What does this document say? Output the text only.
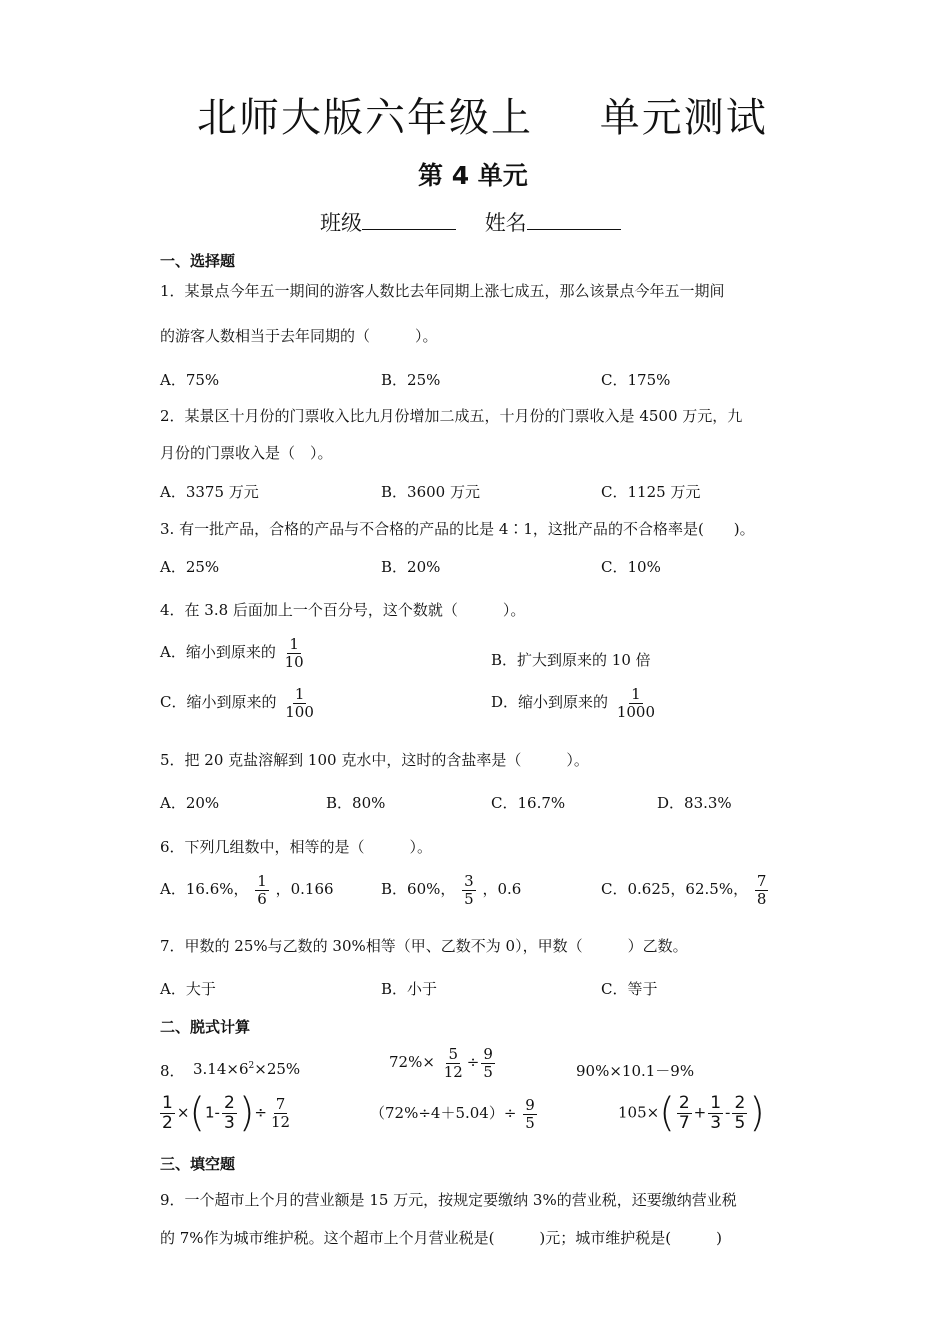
北师大版六年级上 单元测试
第 4 单元
班级	姓名
一、选择题
1．某景点今年五一期间的游客人数比去年同期上涨七成五，那么该景点今年五一期间
的游客人数相当于去年同期的（　　　）。
A．75%	B．25%	C．175%
2．某景区十月份的门票收入比九月份增加二成五，十月份的门票收入是 4500 万元，九
月份的门票收入是（　）。
A．3375 万元	B．3600 万元	C．1125 万元
3. 有一批产品，合格的产品与不合格的产品的比是 4∶1，这批产品的不合格率是(　　)。
A．25%	B．20%	C．10%
4．在 3.8 后面加上一个百分号，这个数就（　　　）。
A．缩小到原来的 $\frac{1}{10}$	B．扩大到原来的 10 倍
C．缩小到原来的 $\frac{1}{100}$	D．缩小到原来的 $\frac{1}{1000}$
5．把 20 克盐溶解到 100 克水中，这时的含盐率是（　　　）。
A．20%	B．80%	C．16.7%	D．83.3%
6．下列几组数中，相等的是（　　　）。
A．16.6%， $\frac{1}{6}$ ，0.166	B．60%， $\frac{3}{5}$ ，0.6	C．0.625，62.5%， $\frac{7}{8}$
7．甲数的 25%与乙数的 30%相等（甲、乙数不为 0），甲数（　　　）乙数。
A．大于	B．小于	C．等于
二、脱式计算
8． $3.14\times 6^2\times 25\%$	$72\%\times \frac{5}{12} \div \frac{9}{5}$	90%×10.1－9%
$\frac{1}{2} \times(1- \frac{2}{3}$ )÷ $\frac{7}{12}$	$(72\%\div 4+5.04)\div \frac{9}{5}$	$105\times( \frac{2}{7} + \frac{1}{3} - \frac{2}{5}$ )
三、填空题
9．一个超市上个月的营业额是 15 万元，按规定要缴纳 3%的营业税，还要缴纳营业税
的 7%作为城市维护税。这个超市上个月营业税是(　　　)元；城市维护税是(　　　)
